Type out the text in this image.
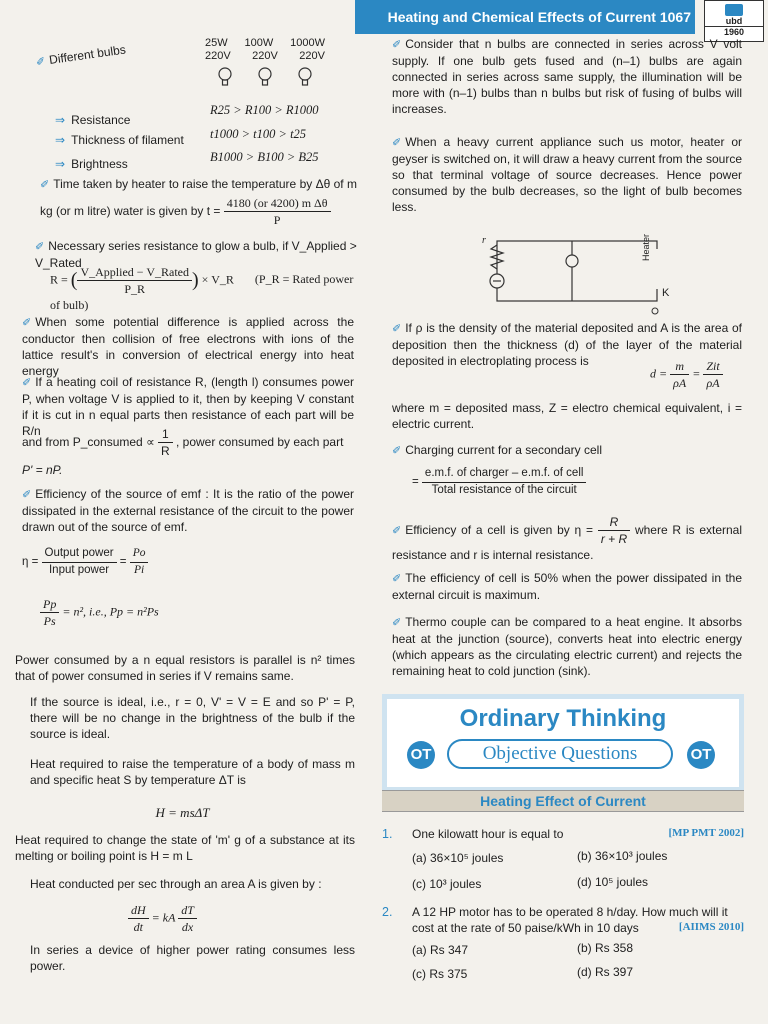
Heating and Chemical Effects of Current 1067	ubd
1960
✐ Different bulbs	25W 100W 1000W
220V 220V 220V
⇒ Resistance
R25 > R100 > R1000
⇒ Thickness of filament t1000 > t100 > t25
⇒ Brightness	B1000 > B100 > B25
✐ Time taken by heater to raise the temperature by Δθ of m
kg (or m litre) water is given by $t = \frac{\text{4180 (or 4200) m Δθ}}{P}$
✐ Necessary series resistance to glow a bulb, if V_Applied > V_Rated
R = ( $\frac{\text{V\_Applied − V\_Rated}}{P\_R}$ ) × V_R (P_R = Rated power of bulb)
✐ When some potential difference is applied across the conductor then collision of free electrons with ions of the lattice result's in conversion of electrical energy into heat energy
✐ If a heating coil of resistance R, (length l) consumes power P, when voltage V is applied to it, then by keeping V constant if it is cut in n equal parts then resistance of each part will be R/n
and from P_consumed ∝ $\frac{1}{R}$ , power consumed by each part
P' = nP.
✐ Efficiency of the source of emf : It is the ratio of the power dissipated in the external resistance of the circuit to the power drawn out of the source of emf.
$\eta = \frac{\text{Output power}}{\text{Input power}} = \frac{Po}{Pi}$
$\frac{Pp}{Ps} = n^2$, i.e., Pp = n²Ps
Power consumed by a n equal resistors is parallel is n² times that of power consumed in series if V remains same.
If the source is ideal, i.e., r = 0, V' = V = E and so P' = P, there will be no change in the brightness of the bulb if the source is ideal.
Heat required to raise the temperature of a body of mass m and specific heat S by temperature ΔT is
H = msΔT
Heat required to change the state of 'm' g of a substance at its melting or boiling point is H = m L
Heat conducted per sec through an area A is given by :
$\frac{dH}{dt}$ = kA $\frac{dT}{dx}$
In series a device of higher power rating consumes less power.
✐ Consider that n bulbs are connected in series across V volt supply. If one bulb gets fused and (n–1) bulbs are again connected in series across same supply, the illumination will be more with (n–1) bulbs than n bulbs but risk of fusing of bulbs will increases.
✐ When a heavy current appliance such us motor, heater or geyser is switched on, it will draw a heavy current from the source so that terminal voltage of source decreases. Hence power consumed by the bulb decreases, so the light of bulb becomes less.
r	Heater
K
✐ If ρ is the density of the material deposited and A is the area of deposition then the thickness (d) of the layer of the material deposited in electroplating process is
$d = \frac{m}{\rho A} = \frac{\text{Zit}}{\rho A}$
where m = deposited mass, Z = electro chemical equivalent, i = electric current.
✐ Charging current for a secondary cell
= $\frac{\text{e.m.f. of charger – e.m.f. of cell}}{\text{Total resistance of the circuit}}$
✐ Efficiency of a cell is given by $\eta = \frac{R}{r + R}$ where R is external resistance and r is internal resistance.
✐ The efficiency of cell is 50% when the power dissipated in the external circuit is maximum.
✐ Thermo couple can be compared to a heat engine. It absorbs heat at the junction (source), converts heat into electric energy (which appears as the circulating electric current) and rejects the remaining heat to cold junction (sink).
Ordinary Thinking
OT	Objective Questions	OT
Heating Effect of Current
1.	One kilowatt hour is equal to	[MP PMT 2002]
(a) 36×10⁵ joules	(b) 36×10³ joules
(c) 10³ joules	(d) 10⁵ joules
2.	A 12 HP motor has to be operated 8 h/day. How much will it cost at the rate of 50 paise/kWh in 10 days	[AIIMS 2010]
(a) Rs 347	(b) Rs 358
(c) Rs 375	(d) Rs 397
